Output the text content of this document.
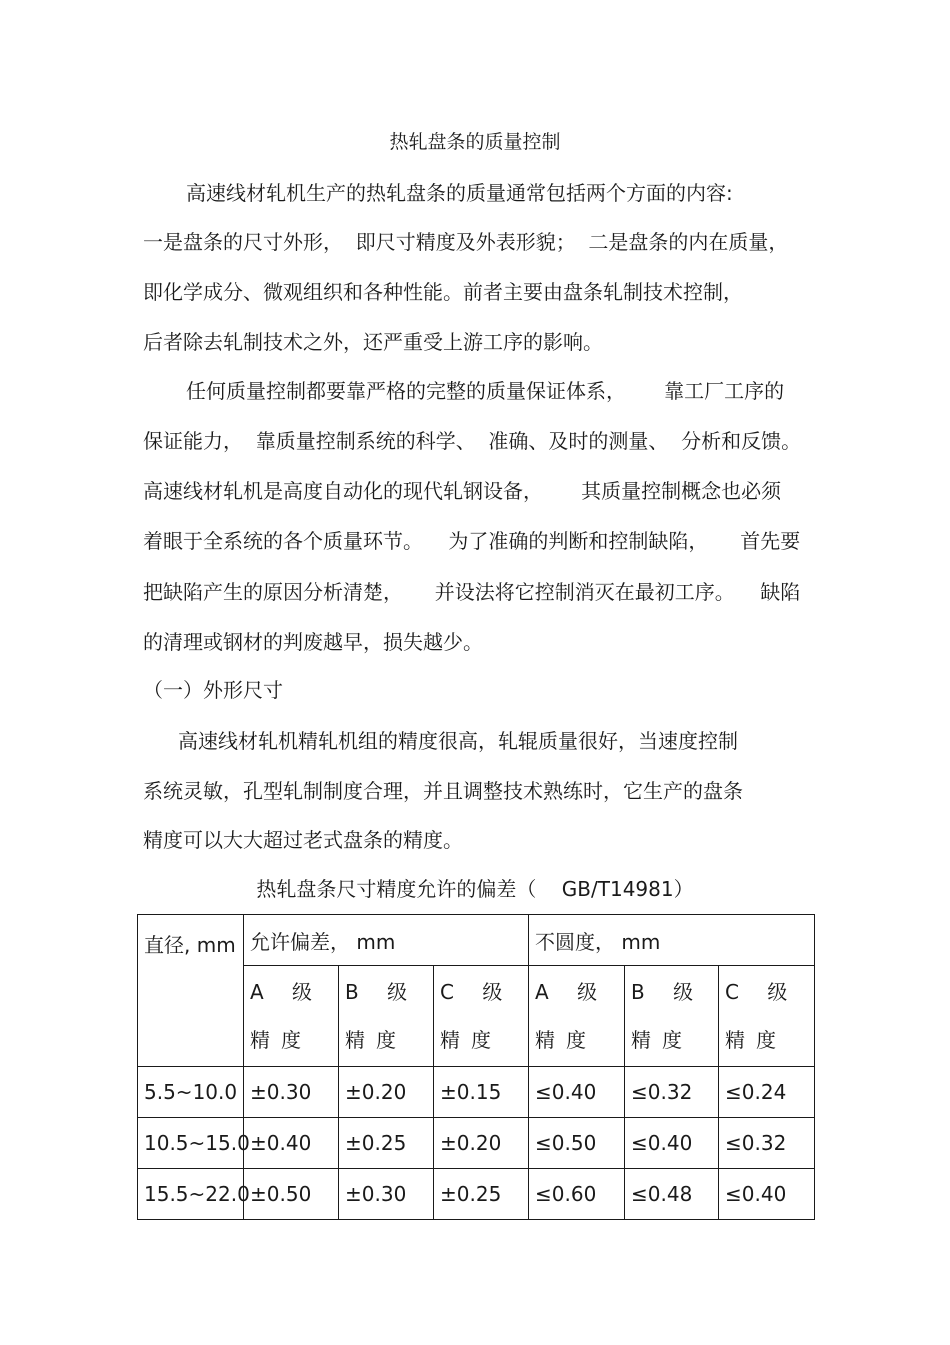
热轧盘条的质量控制
高速线材轧机生产的热轧盘条的质量通常包括两个方面的内容:
一是盘条的尺寸外形，  即尺寸精度及外表形貌；  二是盘条的内在质量，
即化学成分、微观组织和各种性能。前者主要由盘条轧制技术控制，
后者除去轧制技术之外，还严重受上游工序的影响。
任何质量控制都要靠严格的完整的质量保证体系，      靠工厂工序的
保证能力，  靠质量控制系统的科学、  准确、及时的测量、  分析和反馈。
高速线材轧机是高度自动化的现代轧钢设备，      其质量控制概念也必须
着眼于全系统的各个质量环节。    为了准确的判断和控制缺陷，     首先要
把缺陷产生的原因分析清楚，     并设法将它控制消灭在最初工序。    缺陷
的清理或钢材的判废越早，损失越少。
（一）外形尺寸
高速线材轧机精轧机组的精度很高，轧辊质量很好，当速度控制
系统灵敏，孔型轧制制度合理，并且调整技术熟练时，它生产的盘条
精度可以大大超过老式盘条的精度。
热轧盘条尺寸精度允许的偏差（    GB/T14981）
直径, mm	允许偏差， mm			不圆度， mm		
	A 级精度	B 级精度	C 级精度	A 级精度	B 级精度	C 级精度
5.5~10.0	±0.30	±0.20	±0.15	≤0.40	≤0.32	≤0.24
10.5~15.0	±0.40	±0.25	±0.20	≤0.50	≤0.40	≤0.32
15.5~22.0	±0.50	±0.30	±0.25	≤0.60	≤0.48	≤0.40
